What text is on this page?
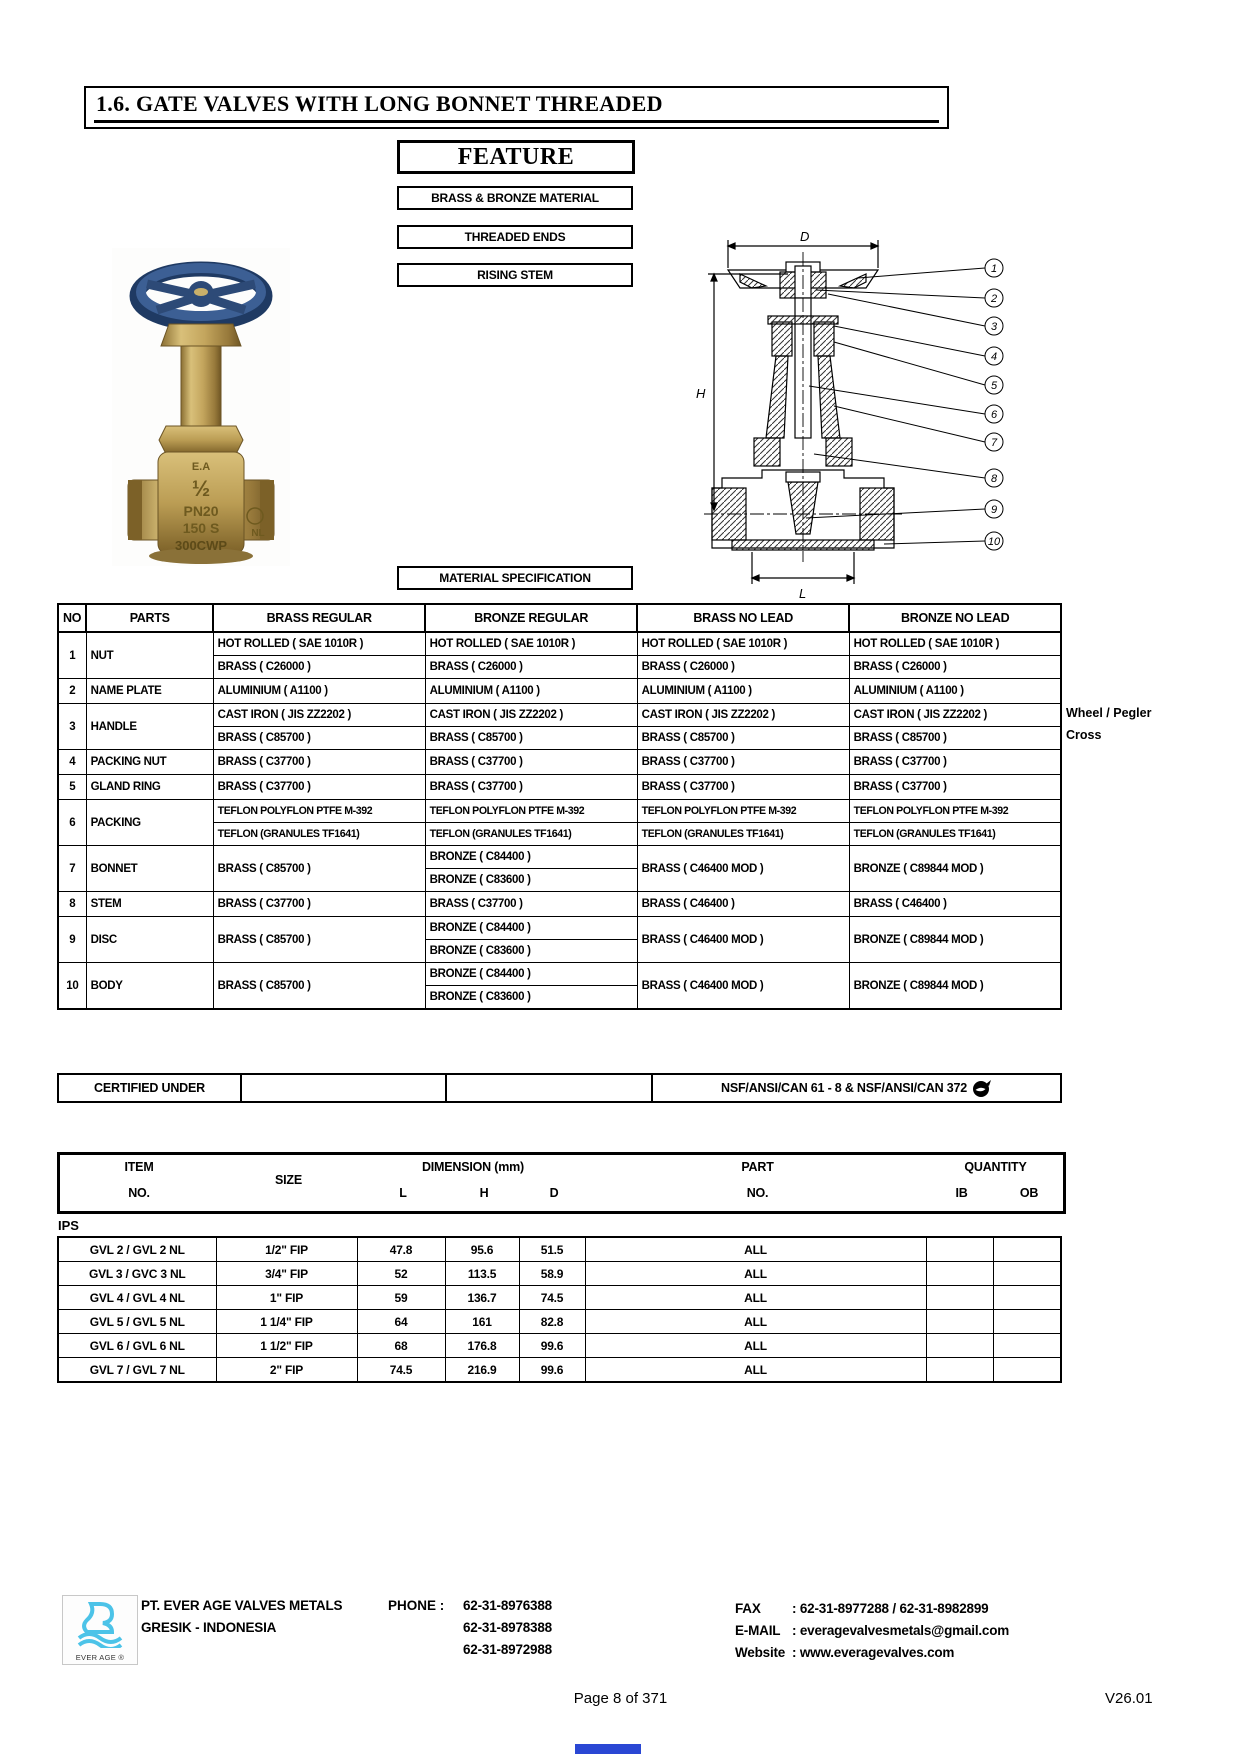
1.6. GATE VALVES WITH LONG BONNET THREADED
FEATURE
BRASS & BRONZE MATERIAL
THREADED ENDS
RISING STEM
E.A
½
PN20
150 S
300CWP
NL
D
H
L
1
2
3
4
5
6
7
8
9
10
MATERIAL SPECIFICATION
NO	PARTS	BRASS REGULAR	BRONZE REGULAR	BRASS NO LEAD	BRONZE NO LEAD
1	NUT	HOT ROLLED ( SAE 1010R )	HOT ROLLED ( SAE 1010R )	HOT ROLLED ( SAE 1010R )	HOT ROLLED ( SAE 1010R )
		BRASS ( C26000 )	BRASS ( C26000 )	BRASS ( C26000 )	BRASS ( C26000 )
2	NAME PLATE	ALUMINIUM ( A1100 )	ALUMINIUM ( A1100 )	ALUMINIUM ( A1100 )	ALUMINIUM ( A1100 )
3	HANDLE	CAST IRON ( JIS ZZ2202 )	CAST IRON ( JIS ZZ2202 )	CAST IRON ( JIS ZZ2202 )	CAST IRON ( JIS ZZ2202 )
		BRASS ( C85700 )	BRASS ( C85700 )	BRASS ( C85700 )	BRASS ( C85700 )
4	PACKING NUT	BRASS ( C37700 )	BRASS ( C37700 )	BRASS ( C37700 )	BRASS ( C37700 )
5	GLAND RING	BRASS ( C37700 )	BRASS ( C37700 )	BRASS ( C37700 )	BRASS ( C37700 )
6	PACKING	TEFLON POLYFLON PTFE M-392	TEFLON POLYFLON PTFE M-392	TEFLON POLYFLON PTFE M-392	TEFLON POLYFLON PTFE M-392
		TEFLON (GRANULES TF1641)	TEFLON (GRANULES TF1641)	TEFLON (GRANULES TF1641)	TEFLON (GRANULES TF1641)
7	BONNET	BRASS ( C85700 )	BRONZE ( C84400 )	BRASS ( C46400 MOD )	BRONZE ( C89844 MOD )
			BRONZE ( C83600 )		
8	STEM	BRASS ( C37700 )	BRASS ( C37700 )	BRASS ( C46400 )	BRASS ( C46400 )
9	DISC	BRASS ( C85700 )	BRONZE ( C84400 )	BRASS ( C46400 MOD )	BRONZE ( C89844 MOD )
			BRONZE ( C83600 )		
10	BODY	BRASS ( C85700 )	BRONZE ( C84400 )	BRASS ( C46400 MOD )	BRONZE ( C89844 MOD )
			BRONZE ( C83600 )		
Wheel / Pegler
Cross
CERTIFIED UNDER			NSF/ANSI/CAN 61 - 8 & NSF/ANSI/CAN 372
ITEM
NO.
SIZE
DIMENSION (mm)
L	H	D
PART
NO.
QUANTITY
IB	OB
IPS
GVL 2 / GVL 2 NL	1/2" FIP	47.8	95.6	51.5	ALL		
GVL 3 / GVC 3 NL	3/4" FIP	52	113.5	58.9	ALL		
GVL 4 / GVL 4 NL	1" FIP	59	136.7	74.5	ALL		
GVL 5 / GVL 5 NL	1 1/4" FIP	64	161	82.8	ALL		
GVL 6 / GVL 6 NL	1 1/2" FIP	68	176.8	99.6	ALL		
GVL 7 / GVL 7 NL	2" FIP	74.5	216.9	99.6	ALL		
EVER AGE ®
PT. EVER AGE VALVES METALS
GRESIK - INDONESIA
PHONE : 62-31-8976388
62-31-8978388
62-31-8972988
FAX	: 62-31-8977288 / 62-31-8982899
E-MAIL : everagevalvesmetals@gmail.com
Website : www.everagevalves.com
Page 8 of 371	V26.01
